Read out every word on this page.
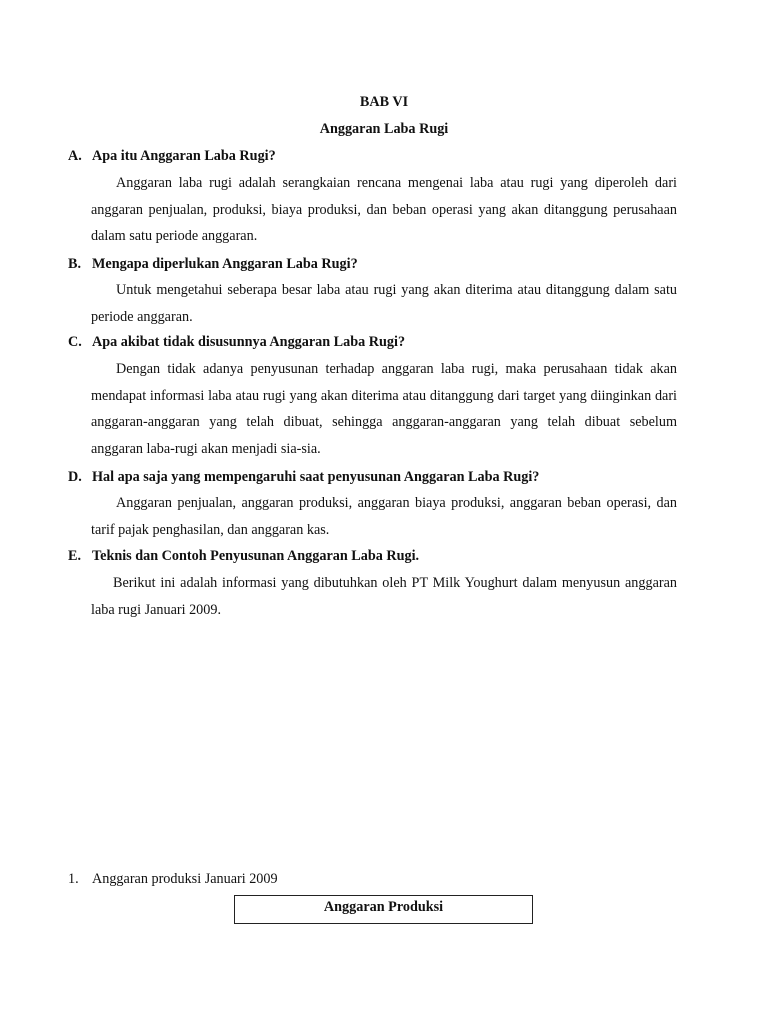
BAB VI
Anggaran Laba Rugi
A. Apa itu Anggaran Laba Rugi?
Anggaran laba rugi adalah serangkaian rencana mengenai laba atau rugi yang diperoleh dari anggaran penjualan, produksi, biaya produksi, dan beban operasi yang akan ditanggung perusahaan dalam satu periode anggaran.
B. Mengapa diperlukan Anggaran Laba Rugi?
Untuk mengetahui seberapa besar laba atau rugi yang akan diterima atau ditanggung dalam satu periode anggaran.
C. Apa akibat tidak disusunnya Anggaran Laba Rugi?
Dengan tidak adanya penyusunan terhadap anggaran laba rugi, maka perusahaan tidak akan mendapat informasi laba atau rugi yang akan diterima atau ditanggung dari target yang diinginkan dari anggaran-anggaran yang telah dibuat, sehingga anggaran-anggaran yang telah dibuat sebelum anggaran laba-rugi akan menjadi sia-sia.
D. Hal apa saja yang mempengaruhi saat penyusunan Anggaran Laba Rugi?
Anggaran penjualan, anggaran produksi, anggaran biaya produksi, anggaran beban operasi, dan tarif pajak penghasilan, dan anggaran kas.
E. Teknis dan Contoh Penyusunan Anggaran Laba Rugi.
Berikut ini adalah informasi yang dibutuhkan oleh PT Milk Youghurt dalam menyusun anggaran laba rugi Januari 2009.
1. Anggaran produksi Januari 2009
Anggaran Produksi
